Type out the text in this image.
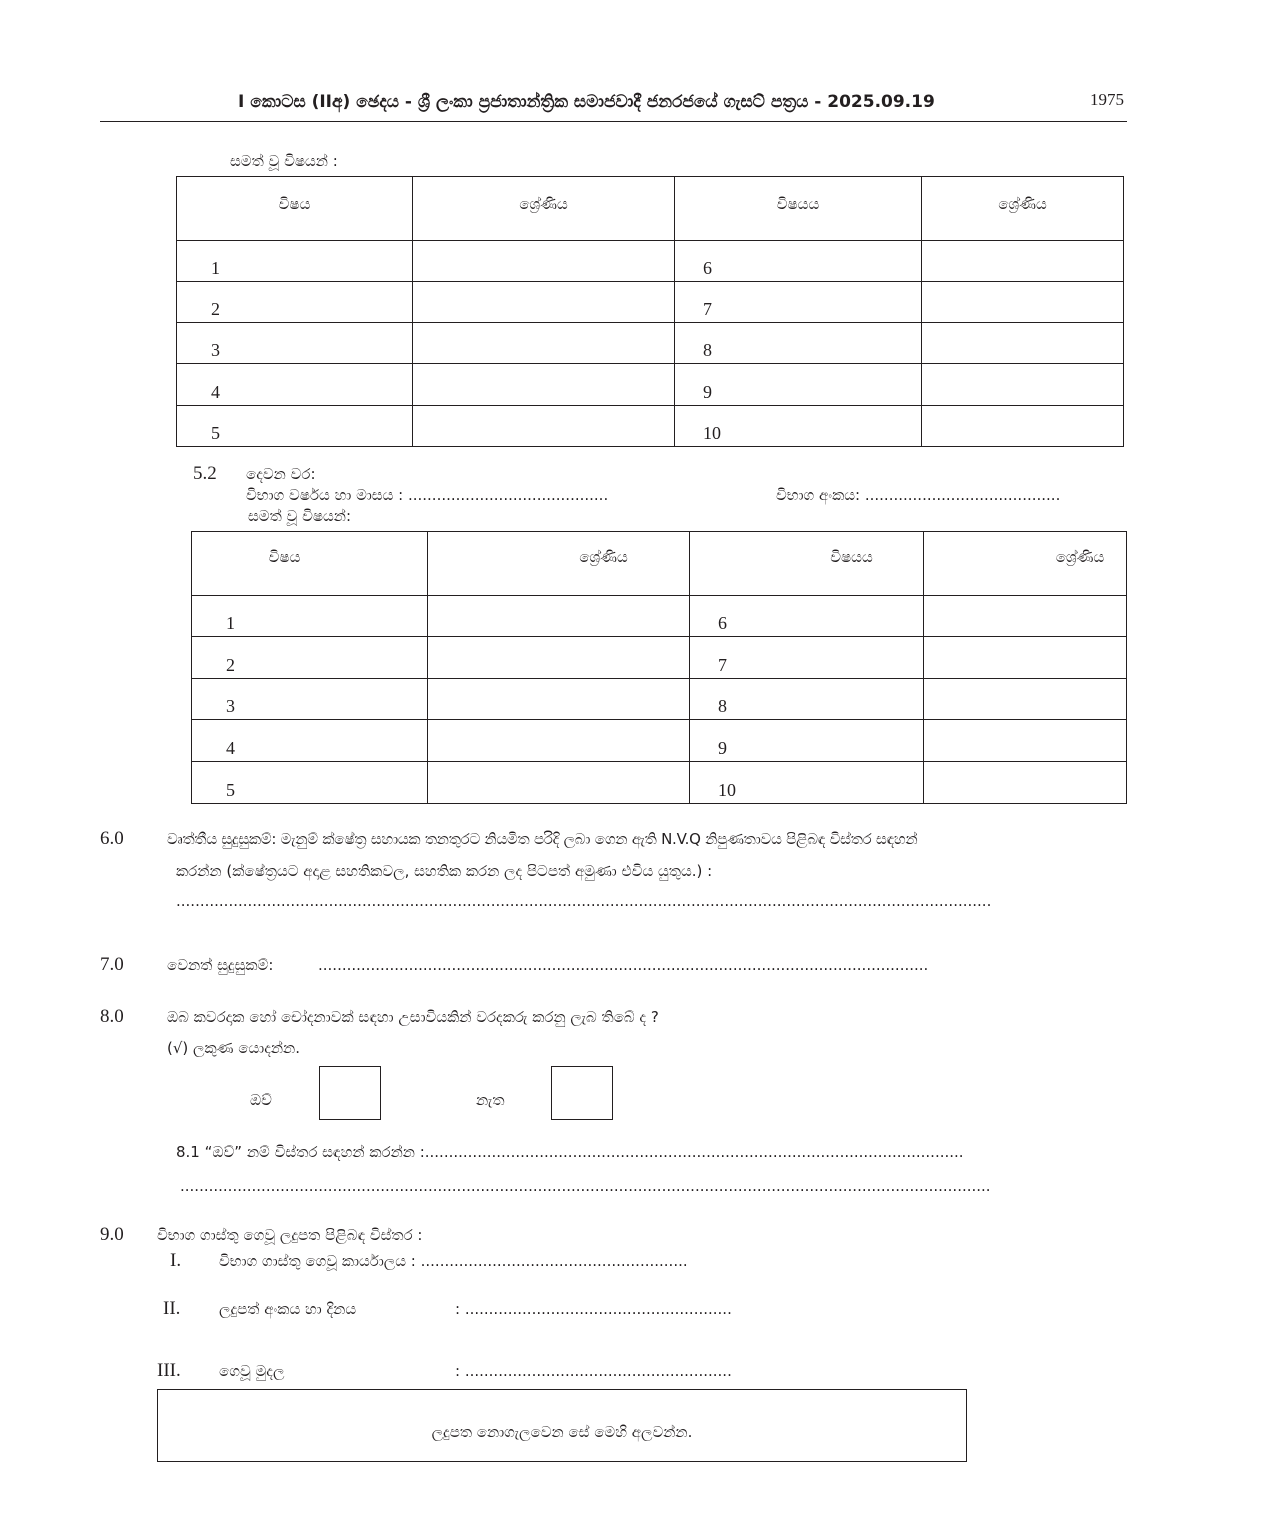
I කොටස (IIඅ) ඡෙදය - ශ්‍රී ලංකා ප්‍රජාතාන්ත්‍රික සමාජවාදී ජනරජයේ ගැසට් පත්‍රය - 2025.09.19	1975
සමත් වූ විෂයන් :
විෂය	ශ්‍රේණිය	විෂයය	ශ්‍රේණිය

1		6	
2		7	
3		8	
4		9	
5		10	
5.2 දෙවන වර:
විභාග වර්ෂය හා මාසය : ..........................................	විභාග අංකය: .........................................
සමත් වූ විෂයන්:
විෂය	ශ්‍රේණිය	විෂයය	ශ්‍රේණිය

1		6	
2		7	
3		8	
4		9	
5		10	
6.0	වෘත්තීය සුදුසුකම්: මැනුම් ක්ෂේත්‍ර සහායක තනතුරට නියමිත පරිදි ලබා ගෙන ඇති N.V.Q නිපුණතාවය පිළිබඳ විස්තර සඳහන්
කරන්න (ක්ෂේත්‍රයට අදාළ සහතිකවල, සහතික කරන ලද පිටපත් අමුණා එවිය යුතුය.) :
...........................................................................................................................................................................
7.0	වෙනත් සුදුසුකම්:	................................................................................................................................
8.0	ඔබ කවරදාක හෝ චෝදනාවක් සඳහා උසාවියකින් වරදකරු කරනු ලැබ තිබේ ද ?
(√) ලකුණ යොදන්න.
ඔව්	නැත
8.1 “ඔව්” නම් විස්තර සඳහන් කරන්න :.................................................................................................................
..........................................................................................................................................................................
9.0 විභාග ගාස්තු ගෙවූ ලදුපත පිළිබඳ විස්තර :
I.	විභාග ගාස්තු ගෙවූ කාර්යාලය : ........................................................
II.	ලදුපත් අංකය හා දිනය	: ........................................................
III.	ගෙවූ මුදල	: ........................................................
ලදුපත නොගැලවෙන සේ මෙහි අලවන්න.
